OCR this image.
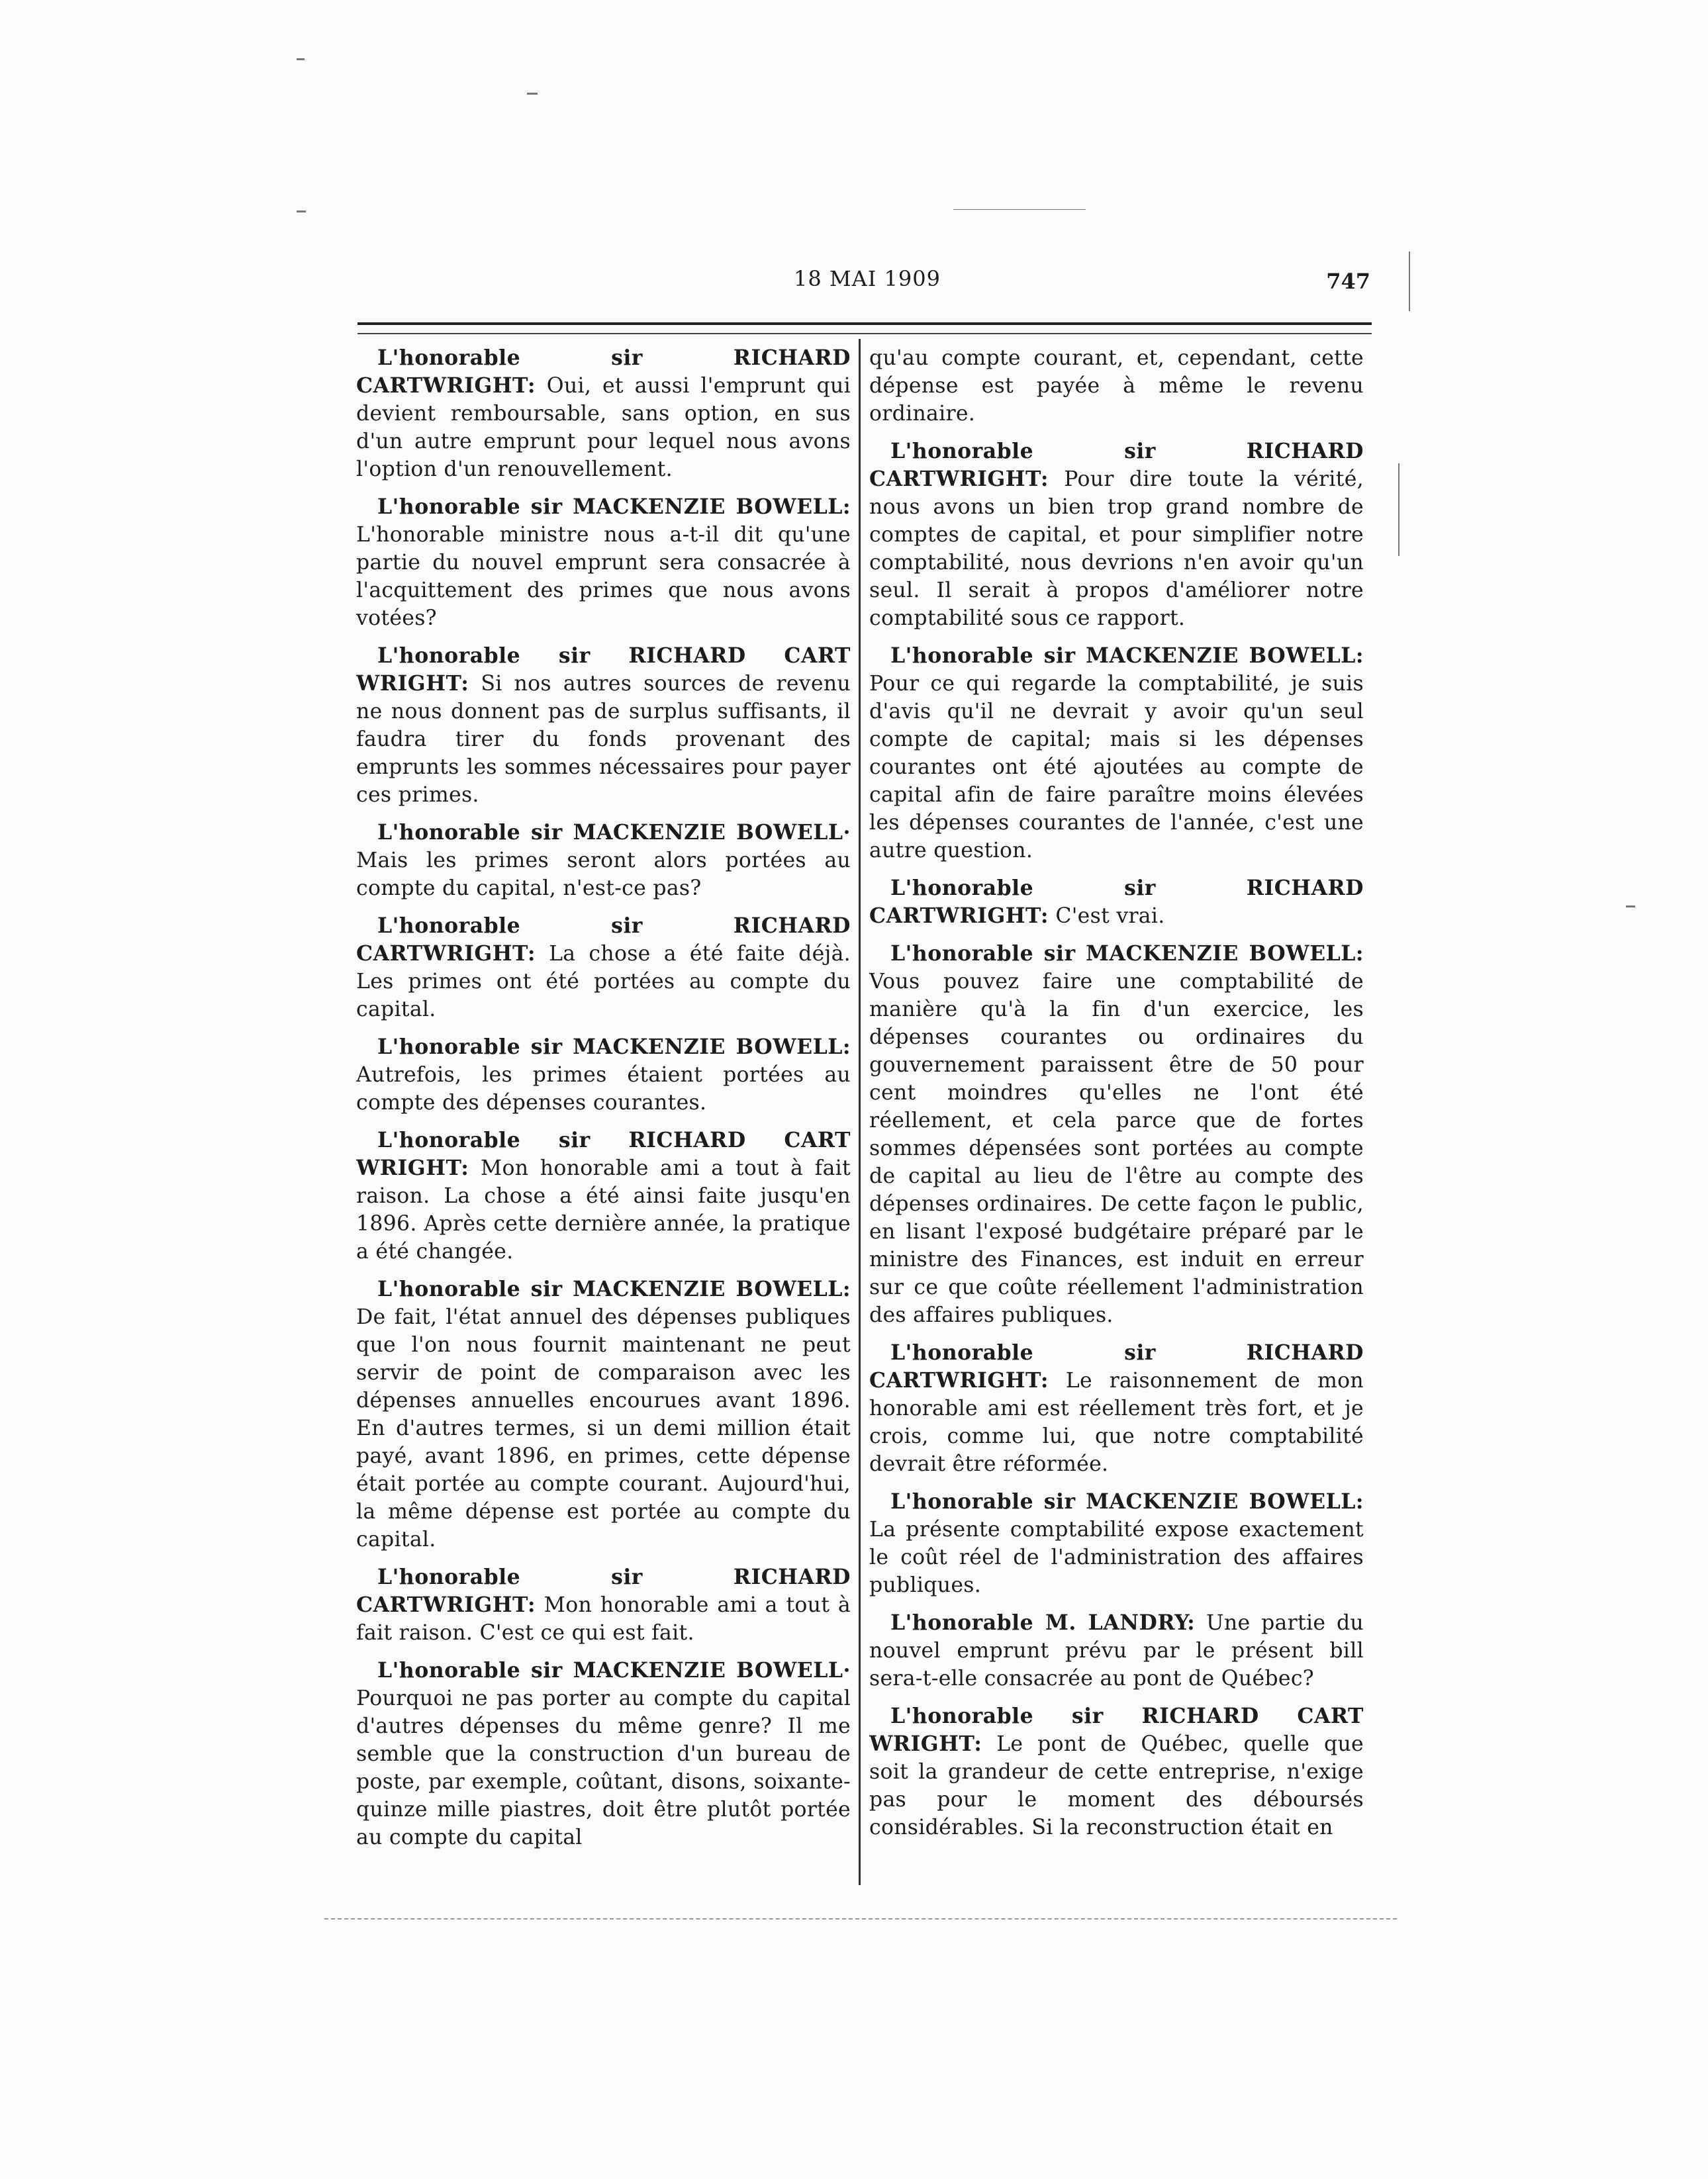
18 MAI 1909	747

L'honorable sir RICHARD CARTWRIGHT: Oui, et aussi l'emprunt qui devient remboursable, sans option, en sus d'un autre emprunt pour lequel nous avons l'option d'un renouvellement.

L'honorable sir MACKENZIE BOWELL: L'honorable ministre nous a-t-il dit qu'une partie du nouvel emprunt sera consacrée à l'acquittement des primes que nous avons votées?

L'honorable sir RICHARD CART WRIGHT: Si nos autres sources de revenu ne nous donnent pas de surplus suffisants, il faudra tirer du fonds provenant des emprunts les sommes nécessaires pour payer ces primes.

L'honorable sir MACKENZIE BOWELL· Mais les primes seront alors portées au compte du capital, n'est-ce pas?

L'honorable sir RICHARD CARTWRIGHT: La chose a été faite déjà. Les primes ont été portées au compte du capital.

L'honorable sir MACKENZIE BOWELL: Autrefois, les primes étaient portées au compte des dépenses courantes.

L'honorable sir RICHARD CART WRIGHT: Mon honorable ami a tout à fait raison. La chose a été ainsi faite jusqu'en 1896. Après cette dernière année, la pratique a été changée.

L'honorable sir MACKENZIE BOWELL: De fait, l'état annuel des dépenses publiques que l'on nous fournit maintenant ne peut servir de point de comparaison avec les dépenses annuelles encourues avant 1896. En d'autres termes, si un demi million était payé, avant 1896, en primes, cette dépense était portée au compte courant. Aujourd'hui, la même dépense est portée au compte du capital.

L'honorable sir RICHARD CARTWRIGHT: Mon honorable ami a tout à fait raison. C'est ce qui est fait.

L'honorable sir MACKENZIE BOWELL· Pourquoi ne pas porter au compte du capital d'autres dépenses du même genre? Il me semble que la construction d'un bureau de poste, par exemple, coûtant, disons, soixante-quinze mille piastres, doit être plutôt portée au compte du capital

qu'au compte courant, et, cependant, cette dépense est payée à même le revenu ordinaire.

L'honorable sir RICHARD CARTWRIGHT: Pour dire toute la vérité, nous avons un bien trop grand nombre de comptes de capital, et pour simplifier notre comptabilité, nous devrions n'en avoir qu'un seul. Il serait à propos d'améliorer notre comptabilité sous ce rapport.

L'honorable sir MACKENZIE BOWELL: Pour ce qui regarde la comptabilité, je suis d'avis qu'il ne devrait y avoir qu'un seul compte de capital; mais si les dépenses courantes ont été ajoutées au compte de capital afin de faire paraître moins élevées les dépenses courantes de l'année, c'est une autre question.

L'honorable sir RICHARD CARTWRIGHT: C'est vrai.

L'honorable sir MACKENZIE BOWELL: Vous pouvez faire une comptabilité de manière qu'à la fin d'un exercice, les dépenses courantes ou ordinaires du gouvernement paraissent être de 50 pour cent moindres qu'elles ne l'ont été réellement, et cela parce que de fortes sommes dépensées sont portées au compte de capital au lieu de l'être au compte des dépenses ordinaires. De cette façon le public, en lisant l'exposé budgétaire préparé par le ministre des Finances, est induit en erreur sur ce que coûte réellement l'administration des affaires publiques.

L'honorable sir RICHARD CARTWRIGHT: Le raisonnement de mon honorable ami est réellement très fort, et je crois, comme lui, que notre comptabilité devrait être réformée.

L'honorable sir MACKENZIE BOWELL: La présente comptabilité expose exactement le coût réel de l'administration des affaires publiques.

L'honorable M. LANDRY: Une partie du nouvel emprunt prévu par le présent bill sera-t-elle consacrée au pont de Québec?

L'honorable sir RICHARD CART WRIGHT: Le pont de Québec, quelle que soit la grandeur de cette entreprise, n'exige pas pour le moment des déboursés considérables. Si la reconstruction était en
